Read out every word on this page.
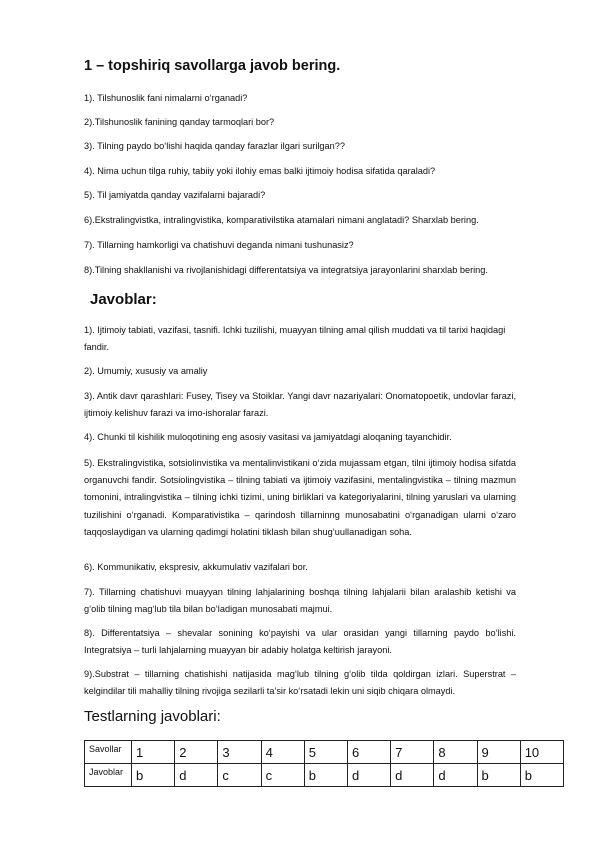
1 – topshiriq savollarga javob bering.
1). Tilshunoslik fani nimalarni o‘rganadi?
2).Tilshunoslik fanining qanday tarmoqlari bor?
3). Tilning paydo bo‘lishi haqida qanday farazlar ilgari surilgan??
4). Nima uchun tilga ruhiy, tabiiy yoki ilohiy emas balki ijtimoiy hodisa sifatida qaraladi?
5). Til jamiyatda qanday vazifalarni bajaradi?
6).Ekstralingvistka, intralingvistika, komparativilstika atamalari nimani anglatadi? Sharxlab bering.
7). Tillarning hamkorligi va chatishuvi deganda nimani tushunasiz?
8).Tilning shakllanishi va rivojlanishidagi differentatsiya va integratsiya jarayonlarini sharxlab bering.
Javoblar:
1). Ijtimoiy tabiati, vazifasi, tasnifi. Ichki tuzilishi, muayyan tilning amal qilish muddati va til tarixi haqidagi fandir.
2). Umumiy, xususiy va amaliy
3). Antik davr qarashlari: Fusey, Tisey va Stoiklar. Yangi davr nazariyalari: Onomatopoetik, undovlar farazi, ijtimoiy kelishuv farazi va imo-ishoralar farazi.
4). Chunki til kishilik muloqotining eng asosiy vasitasi va jamiyatdagi aloqaning tayanchidir.
5). Ekstralingvistika, sotsiolinvistika va mentalinvistikani o‘zida mujassam etgan, tilni ijtimoiy hodisa sifatda organuvchi fandir. Sotsiolingvistika – tilning tabiati va ijtimoiy vazifasini, mentalingvistika – tilning mazmun tomonini, intralingvistika – tilning ichki tizimi, uning birliklari va kategoriyalarini, tilning yaruslari va ularning tuzilishini o‘rganadi. Komparativistika – qarindosh tillarninng munosabatini o‘rganadigan ularni o‘zaro taqqoslaydigan va ularning qadimgi holatini tiklash bilan shug‘uullanadigan soha.
6). Kommunikativ, ekspresiv, akkumulativ vazifalari bor.
7). Tillarning chatishuvi muayyan tilning lahjalarining boshqa tilning lahjalarii bilan aralashib ketishi va g‘olib tilning mag‘lub tila bilan bo‘ladigan munosabati majmui.
8). Differentatsiya – shevalar sonining ko‘payishi va ular orasidan yangi tillarning paydo bo‘lishi. Integratsiya – turli lahjalarning muayyan bir adabiy holatga keltirish jarayoni.
9).Substrat – tillarning chatishishi natijasida mag‘lub tilning g‘olib tilda qoldirgan izlari. Superstrat – kelgindilar tili mahalliy tilning rivojiga sezilarli ta’sir ko‘rsatadi lekin uni siqib chiqara olmaydi.
Testlarning javoblari:
Savollar	1	2	3	4	5	6	7	8	9	10
Javoblar	b	d	c	c	b	d	d	d	b	b
